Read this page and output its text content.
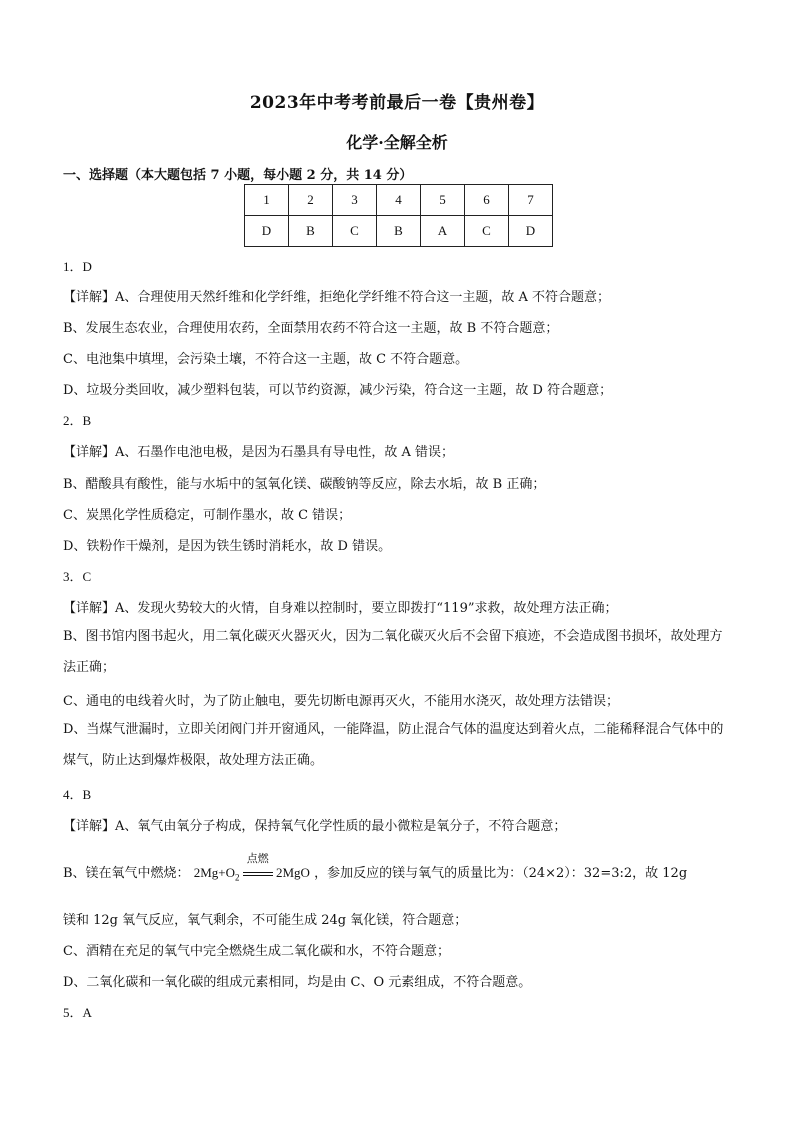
2023年中考考前最后一卷【贵州卷】
化学·全解全析
一、选择题（本大题包括 7 小题，每小题 2 分，共 14 分）
1	2	3	4	5	6	7
D	B	C	B	A	C	D
1．D
【详解】A、合理使用天然纤维和化学纤维，拒绝化学纤维不符合这一主题，故 A 不符合题意；
B、发展生态农业，合理使用农药，全面禁用农药不符合这一主题，故 B 不符合题意；
C、电池集中填埋，会污染土壤，不符合这一主题，故 C 不符合题意。
D、垃圾分类回收，减少塑料包装，可以节约资源，减少污染，符合这一主题，故 D 符合题意；
2．B
【详解】A、石墨作电池电极，是因为石墨具有导电性，故 A 错误；
B、醋酸具有酸性，能与水垢中的氢氧化镁、碳酸钠等反应，除去水垢，故 B 正确；
C、炭黑化学性质稳定，可制作墨水，故 C 错误；
D、铁粉作干燥剂，是因为铁生锈时消耗水，故 D 错误。
3．C
【详解】A、发现火势较大的火情，自身难以控制时，要立即拨打“119”求救，故处理方法正确；
B、图书馆内图书起火，用二氧化碳灭火器灭火，因为二氧化碳灭火后不会留下痕迹，不会造成图书损坏，故处理方法正确；
C、通电的电线着火时，为了防止触电，要先切断电源再灭火，不能用水浇灭，故处理方法错误；
D、当煤气泄漏时，立即关闭阀门并开窗通风，一能降温，防止混合气体的温度达到着火点，二能稀释混合气体中的煤气，防止达到爆炸极限，故处理方法正确。
4．B
【详解】A、氧气由氧分子构成，保持氧气化学性质的最小微粒是氧分子，不符合题意；
B、镁在氧气中燃烧： $2Mg+O_2$
点燃
2MgO ，参加反应的镁与氧气的质量比为：（24×2）：32=3:2，故 12g
镁和 12g 氧气反应，氧气剩余，不可能生成 24g 氧化镁，符合题意；
C、酒精在充足的氧气中完全燃烧生成二氧化碳和水，不符合题意；
D、二氧化碳和一氧化碳的组成元素相同，均是由 C、O 元素组成，不符合题意。
5．A
